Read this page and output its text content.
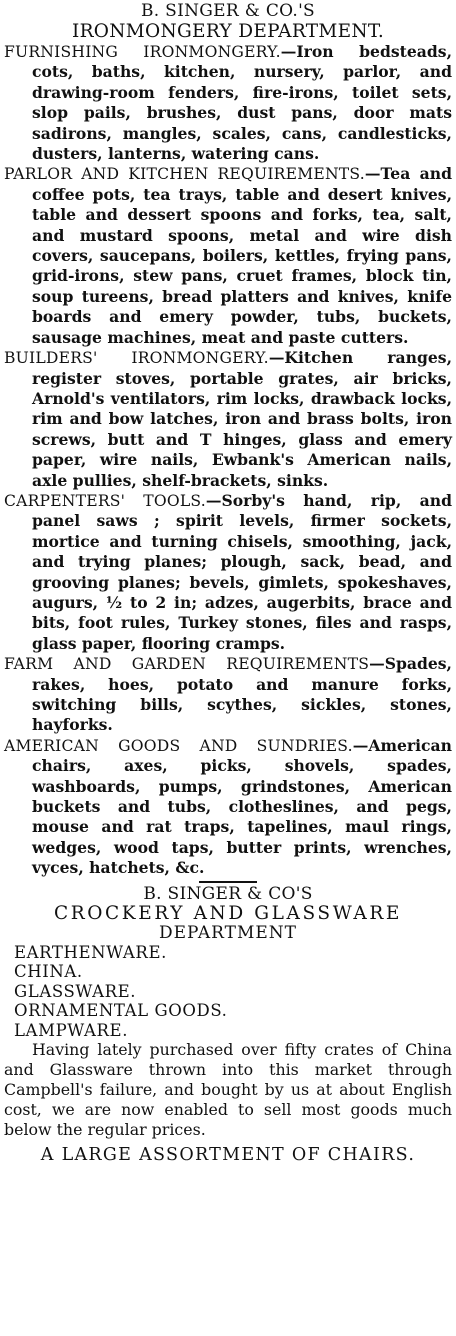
B. SINGER & CO.'S
IRONMONGERY DEPARTMENT.
FURNISHING IRONMONGERY.—Iron bedsteads, cots, baths, kitchen, nursery, parlor, and drawing-room fenders, fire-irons, toilet sets, slop pails, brushes, dust pans, door mats sadirons, mangles, scales, cans, candlesticks, dusters, lanterns, watering cans.
PARLOR AND KITCHEN REQUIREMENTS.—Tea and coffee pots, tea trays, table and desert knives, table and dessert spoons and forks, tea, salt, and mustard spoons, metal and wire dish covers, saucepans, boilers, kettles, frying pans, grid-irons, stew pans, cruet frames, block tin, soup tureens, bread platters and knives, knife boards and emery powder, tubs, buckets, sausage machines, meat and paste cutters.
BUILDERS' IRONMONGERY.—Kitchen ranges, register stoves, portable grates, air bricks, Arnold's ventilators, rim locks, drawback locks, rim and bow latches, iron and brass bolts, iron screws, butt and T hinges, glass and emery paper, wire nails, Ewbank's American nails, axle pullies, shelf-brackets, sinks.
CARPENTERS' TOOLS.—Sorby's hand, rip, and panel saws ; spirit levels, firmer sockets, mortice and turning chisels, smoothing, jack, and trying planes; plough, sack, bead, and grooving planes; bevels, gimlets, spokeshaves, augurs, ½ to 2 in; adzes, augerbits, brace and bits, foot rules, Turkey stones, files and rasps, glass paper, flooring cramps.
FARM AND GARDEN REQUIREMENTS—Spades, rakes, hoes, potato and manure forks, switching bills, scythes, sickles, stones, hayforks.
AMERICAN GOODS AND SUNDRIES.—American chairs, axes, picks, shovels, spades, washboards, pumps, grindstones, American buckets and tubs, clotheslines, and pegs, mouse and rat traps, tapelines, maul rings, wedges, wood taps, butter prints, wrenches, vyces, hatchets, &c.
B. SINGER & CO'S
CROCKERY AND GLASSWARE
DEPARTMENT
EARTHENWARE.
CHINA.
GLASSWARE.
ORNAMENTAL GOODS.
LAMPWARE.
Having lately purchased over fifty crates of China and Glassware thrown into this market through Campbell's failure, and bought by us at about English cost, we are now enabled to sell most goods much below the regular prices.
A LARGE ASSORTMENT OF CHAIRS.
